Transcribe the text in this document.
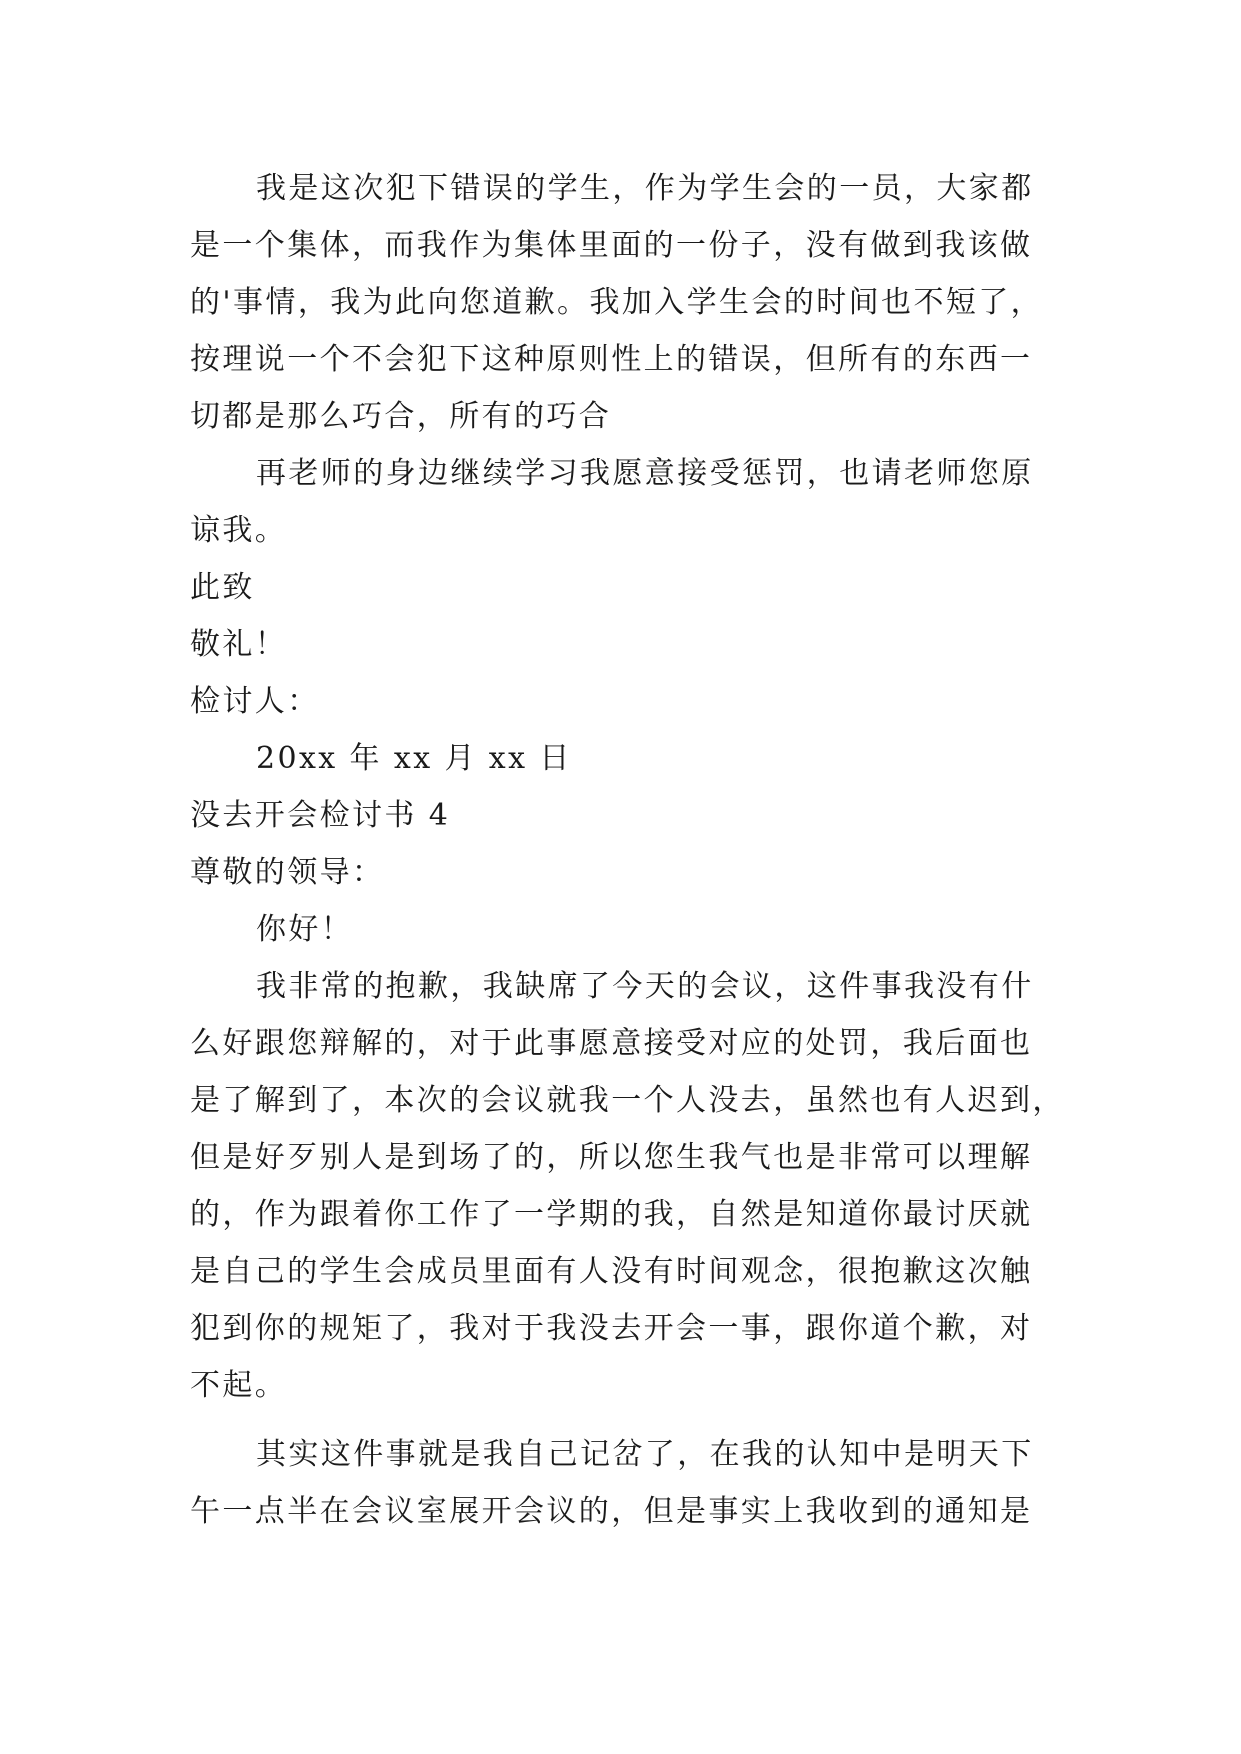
我是这次犯下错误的学生，作为学生会的一员，大家都
是一个集体，而我作为集体里面的一份子，没有做到我该做
的'事情，我为此向您道歉。我加入学生会的时间也不短了，
按理说一个不会犯下这种原则性上的错误，但所有的东西一
切都是那么巧合，所有的巧合
再老师的身边继续学习我愿意接受惩罚，也请老师您原
谅我。
此致
敬礼！
检讨人：
20xx 年 xx 月 xx 日
没去开会检讨书 4
尊敬的领导：
你好！
我非常的抱歉，我缺席了今天的会议，这件事我没有什
么好跟您辩解的，对于此事愿意接受对应的处罚，我后面也
是了解到了，本次的会议就我一个人没去，虽然也有人迟到，
但是好歹别人是到场了的，所以您生我气也是非常可以理解
的，作为跟着你工作了一学期的我，自然是知道你最讨厌就
是自己的学生会成员里面有人没有时间观念，很抱歉这次触
犯到你的规矩了，我对于我没去开会一事，跟你道个歉，对
不起。
其实这件事就是我自己记岔了，在我的认知中是明天下
午一点半在会议室展开会议的，但是事实上我收到的通知是
